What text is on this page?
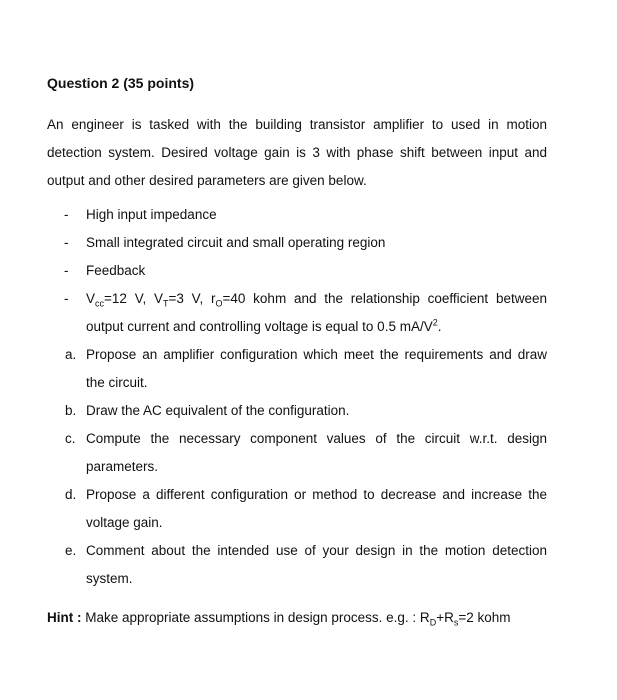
Question 2 (35 points)
An engineer is tasked with the building transistor amplifier to used in motion detection system. Desired voltage gain is 3 with phase shift between input and output and other desired parameters are given below.
- High input impedance
- Small integrated circuit and small operating region
- Feedback
- $V_{cc}=12$ V, $V_T=3$ V, $r_O=40$ kohm and the relationship coefficient between output current and controlling voltage is equal to 0.5 $mA/V^2$.
a. Propose an amplifier configuration which meet the requirements and draw the circuit.
b. Draw the AC equivalent of the configuration.
c. Compute the necessary component values of the circuit w.r.t. design parameters.
d. Propose a different configuration or method to decrease and increase the voltage gain.
e. Comment about the intended use of your design in the motion detection system.
Hint : Make appropriate assumptions in design process. e.g. : $R_D+R_s=2$ kohm
